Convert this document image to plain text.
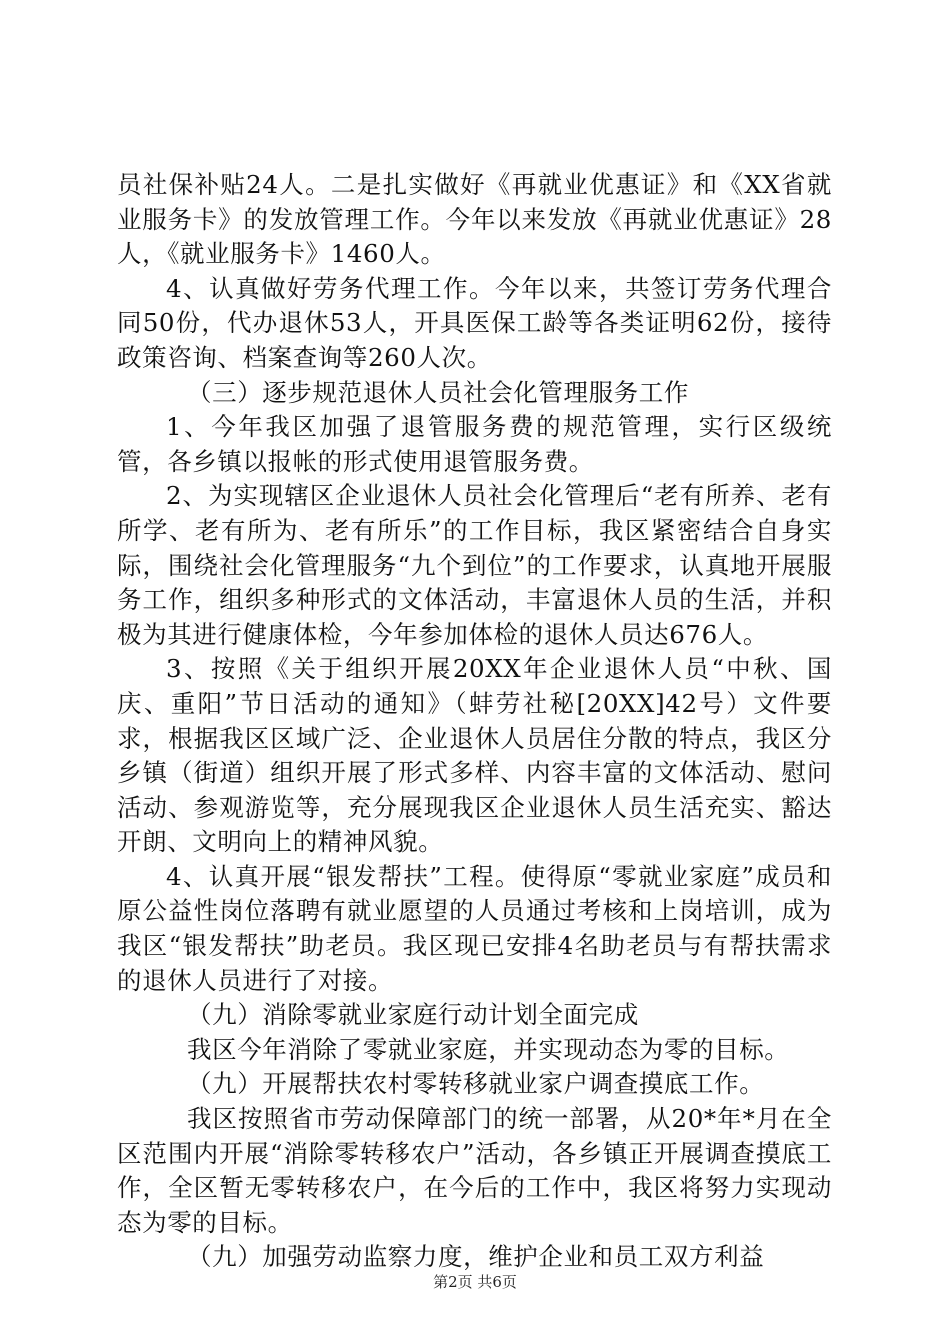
员社保补贴24人。二是扎实做好《再就业优惠证》和《XX省就业服务卡》的发放管理工作。今年以来发放《再就业优惠证》28人，《就业服务卡》1460人。

4、认真做好劳务代理工作。今年以来，共签订劳务代理合同50份，代办退休53人，开具医保工龄等各类证明62份，接待政策咨询、档案查询等260人次。

（三）逐步规范退休人员社会化管理服务工作

1、今年我区加强了退管服务费的规范管理，实行区级统管，各乡镇以报帐的形式使用退管服务费。

2、为实现辖区企业退休人员社会化管理后“老有所养、老有所学、老有所为、老有所乐”的工作目标，我区紧密结合自身实际，围绕社会化管理服务“九个到位”的工作要求，认真地开展服务工作，组织多种形式的文体活动，丰富退休人员的生活，并积极为其进行健康体检，今年参加体检的退休人员达676人。

3、按照《关于组织开展20XX年企业退休人员“中秋、国庆、重阳”节日活动的通知》（蚌劳社秘[20XX]42号）文件要求，根据我区区域广泛、企业退休人员居住分散的特点，我区分乡镇（街道）组织开展了形式多样、内容丰富的文体活动、慰问活动、参观游览等，充分展现我区企业退休人员生活充实、豁达开朗、文明向上的精神风貌。

4、认真开展“银发帮扶”工程。使得原“零就业家庭”成员和原公益性岗位落聘有就业愿望的人员通过考核和上岗培训，成为我区“银发帮扶”助老员。我区现已安排4名助老员与有帮扶需求的退休人员进行了对接。

（九）消除零就业家庭行动计划全面完成

我区今年消除了零就业家庭，并实现动态为零的目标。

（九）开展帮扶农村零转移就业家户调查摸底工作。

我区按照省市劳动保障部门的统一部署，从20*年*月在全区范围内开展“消除零转移农户”活动，各乡镇正开展调查摸底工作，全区暂无零转移农户，在今后的工作中，我区将努力实现动态为零的目标。

（九）加强劳动监察力度，维护企业和员工双方利益

第2页 共6页
